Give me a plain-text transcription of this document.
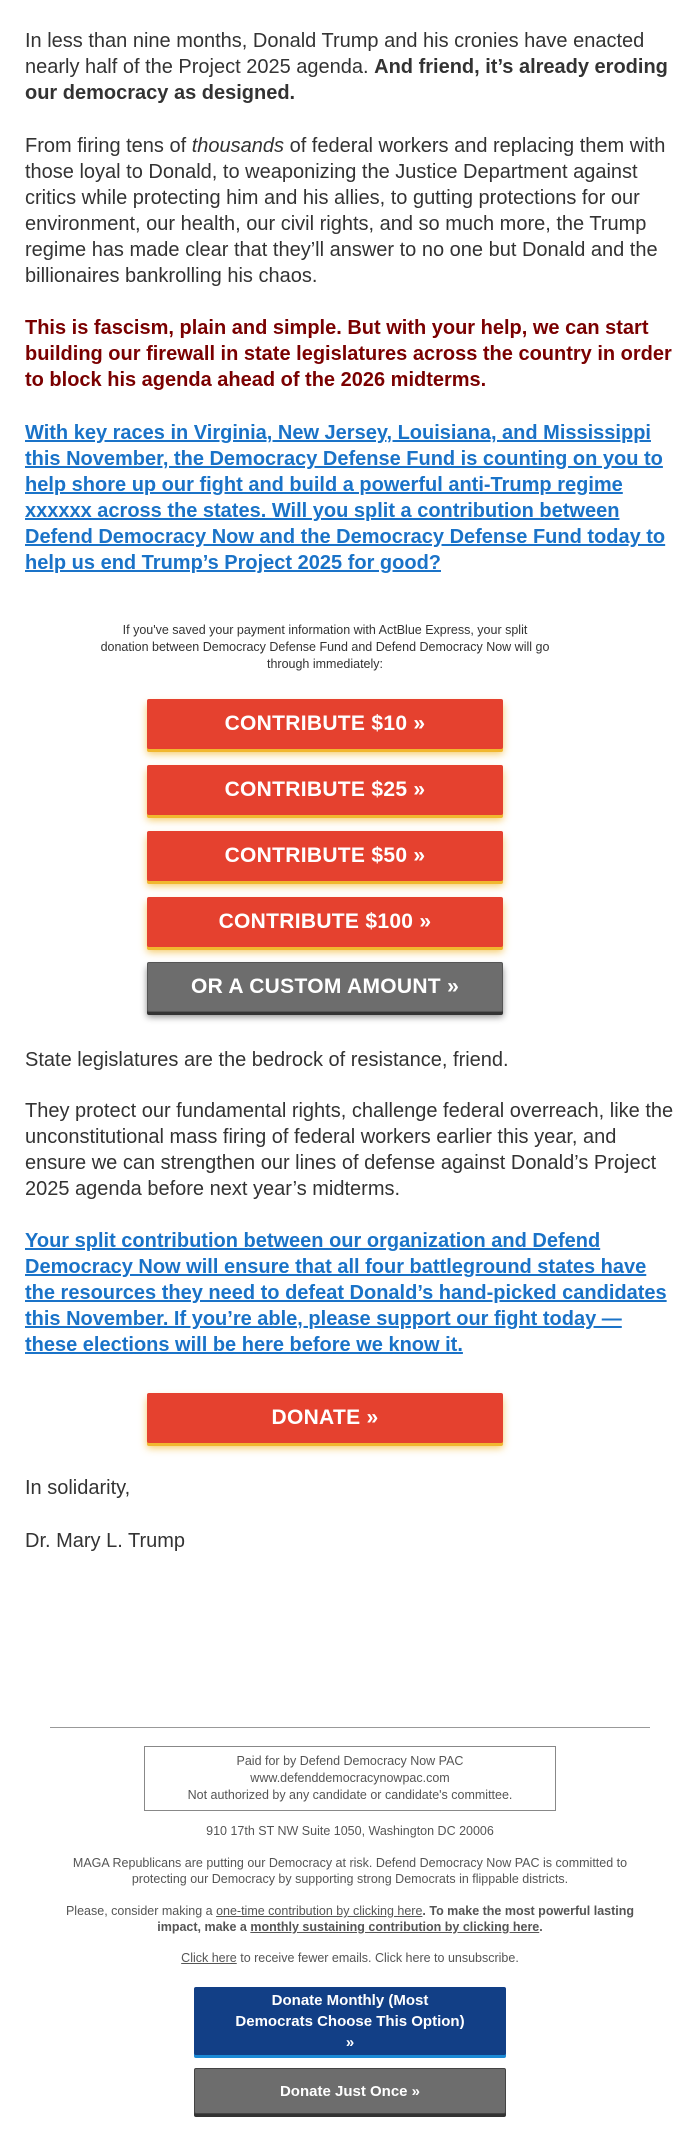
In less than nine months, Donald Trump and his cronies have enacted nearly half of the Project 2025 agenda. And friend, it’s already eroding our democracy as designed.

From firing tens of thousands of federal workers and replacing them with those loyal to Donald, to weaponizing the Justice Department against critics while protecting him and his allies, to gutting protections for our environment, our health, our civil rights, and so much more, the Trump regime has made clear that they’ll answer to no one but Donald and the billionaires bankrolling his chaos.

This is fascism, plain and simple. But with your help, we can start building our firewall in state legislatures across the country in order to block his agenda ahead of the 2026 midterms.

With key races in Virginia, New Jersey, Louisiana, and Mississippi this November, the Democracy Defense Fund is counting on you to help shore up our fight and build a powerful anti-Trump regime xxxxxx across the states. Will you split a contribution between Defend Democracy Now and the Democracy Defense Fund today to help us end Trump’s Project 2025 for good?

State legislatures are the bedrock of resistance, friend.

They protect our fundamental rights, challenge federal overreach, like the unconstitutional mass firing of federal workers earlier this year, and ensure we can strengthen our lines of defense against Donald’s Project 2025 agenda before next year’s midterms.

Your split contribution between our organization and Defend Democracy Now will ensure that all four battleground states have the resources they need to defeat Donald’s hand-picked candidates this November. If you’re able, please support our fight today — these elections will be here before we know it.

In solidarity,

Dr. Mary L. Trump

If you've saved your payment information with ActBlue Express, your split donation between Democracy Defense Fund and Defend Democracy Now will go through immediately:
CONTRIBUTE $10 »
CONTRIBUTE $25 »
CONTRIBUTE $50 »
CONTRIBUTE $100 »
OR A CUSTOM AMOUNT »
DONATE »
Paid for by Defend Democracy Now PAC
www.defenddemocracynowpac.com
Not authorized by any candidate or candidate's committee.
910 17th ST NW Suite 1050, Washington DC 20006
MAGA Republicans are putting our Democracy at risk. Defend Democracy Now PAC is committed to protecting our Democracy by supporting strong Democrats in flippable districts.
Please, consider making a one-time contribution by clicking here. To make the most powerful lasting impact, make a monthly sustaining contribution by clicking here.
Click here to receive fewer emails. Click here to unsubscribe.
Donate Monthly (Most Democrats Choose This Option) »
Donate Just Once »
